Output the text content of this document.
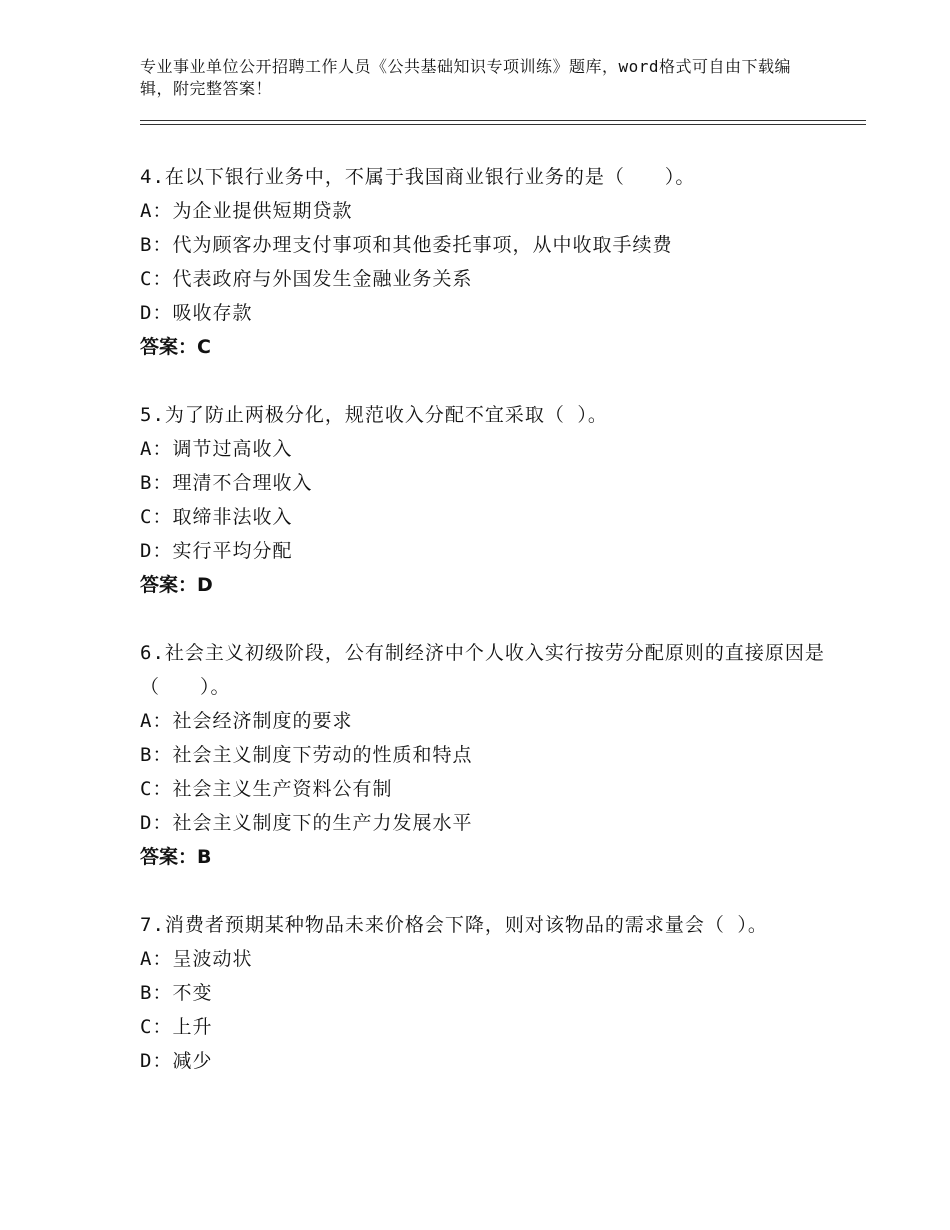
专业事业单位公开招聘工作人员《公共基础知识专项训练》题库，word格式可自由下载编辑，附完整答案！
4.在以下银行业务中，不属于我国商业银行业务的是（　　）。
A：为企业提供短期贷款
B：代为顾客办理支付事项和其他委托事项，从中收取手续费
C：代表政府与外国发生金融业务关系
D：吸收存款
答案：C
5.为了防止两极分化，规范收入分配不宜采取（ ）。
A：调节过高收入
B：理清不合理收入
C：取缔非法收入
D：实行平均分配
答案：D
6.社会主义初级阶段，公有制经济中个人收入实行按劳分配原则的直接原因是（　　）。
A：社会经济制度的要求
B：社会主义制度下劳动的性质和特点
C：社会主义生产资料公有制
D：社会主义制度下的生产力发展水平
答案：B
7.消费者预期某种物品未来价格会下降，则对该物品的需求量会（ ）。
A：呈波动状
B：不变
C：上升
D：减少
